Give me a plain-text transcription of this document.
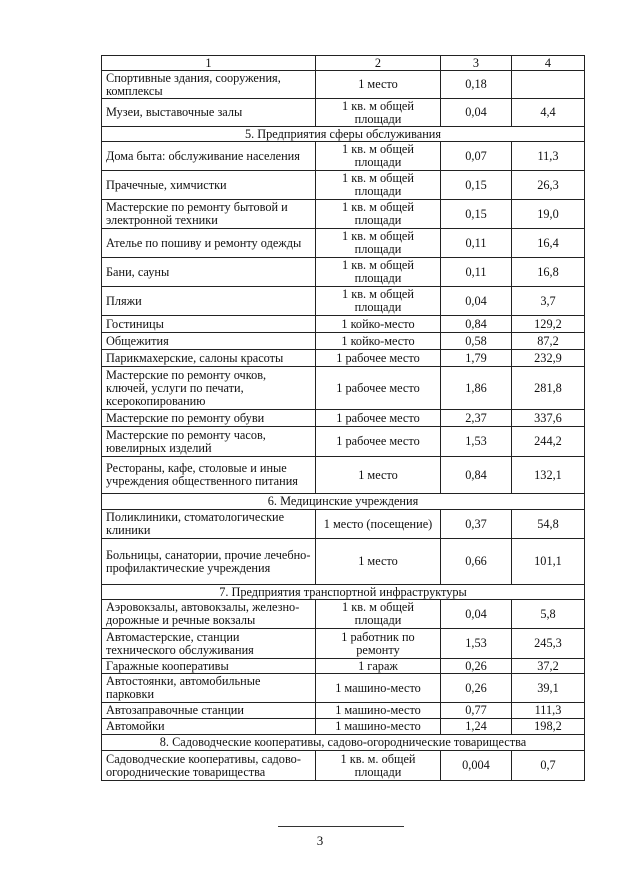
1	2	3	4
Спортивные здания, сооружения, комплексы	1 место	0,18	
Музеи, выставочные залы	1 кв. м общей площади	0,04	4,4
5. Предприятия сферы обслуживания			
Дома быта: обслуживание населения	1 кв. м общей площади	0,07	11,3
Прачечные, химчистки	1 кв. м общей площади	0,15	26,3
Мастерские по ремонту бытовой и электронной техники	1 кв. м общей площади	0,15	19,0
Ателье по пошиву и ремонту одежды	1 кв. м общей площади	0,11	16,4
Бани, сауны	1 кв. м общей площади	0,11	16,8
Пляжи	1 кв. м общей площади	0,04	3,7
Гостиницы	1 койко-место	0,84	129,2
Общежития	1 койко-место	0,58	87,2
Парикмахерские, салоны красоты	1 рабочее место	1,79	232,9
Мастерские по ремонту очков, ключей, услуги по печати, ксерокопированию	1 рабочее место	1,86	281,8
Мастерские по ремонту обуви	1 рабочее место	2,37	337,6
Мастерские по ремонту часов, ювелирных изделий	1 рабочее место	1,53	244,2
Рестораны, кафе, столовые и иные учреждения общественного питания	1 место	0,84	132,1
6. Медицинские учреждения			
Поликлиники, стоматологические клиники	1 место (посещение)	0,37	54,8
Больницы, санатории, прочие лечебно-профилактические учреждения	1 место	0,66	101,1
7. Предприятия транспортной инфраструктуры			
Аэровокзалы, автовокзалы, железно-дорожные и речные вокзалы	1 кв. м общей площади	0,04	5,8
Автомастерские, станции технического обслуживания	1 работник по ремонту	1,53	245,3
Гаражные кооперативы	1 гараж	0,26	37,2
Автостоянки, автомобильные парковки	1 машино-место	0,26	39,1
Автозаправочные станции	1 машино-место	0,77	111,3
Автомойки	1 машино-место	1,24	198,2
8. Садоводческие кооперативы, садово-огороднические товарищества			
Садоводческие кооперативы, садово-огороднические товарищества	1 кв. м. общей площади	0,004	0,7
3
